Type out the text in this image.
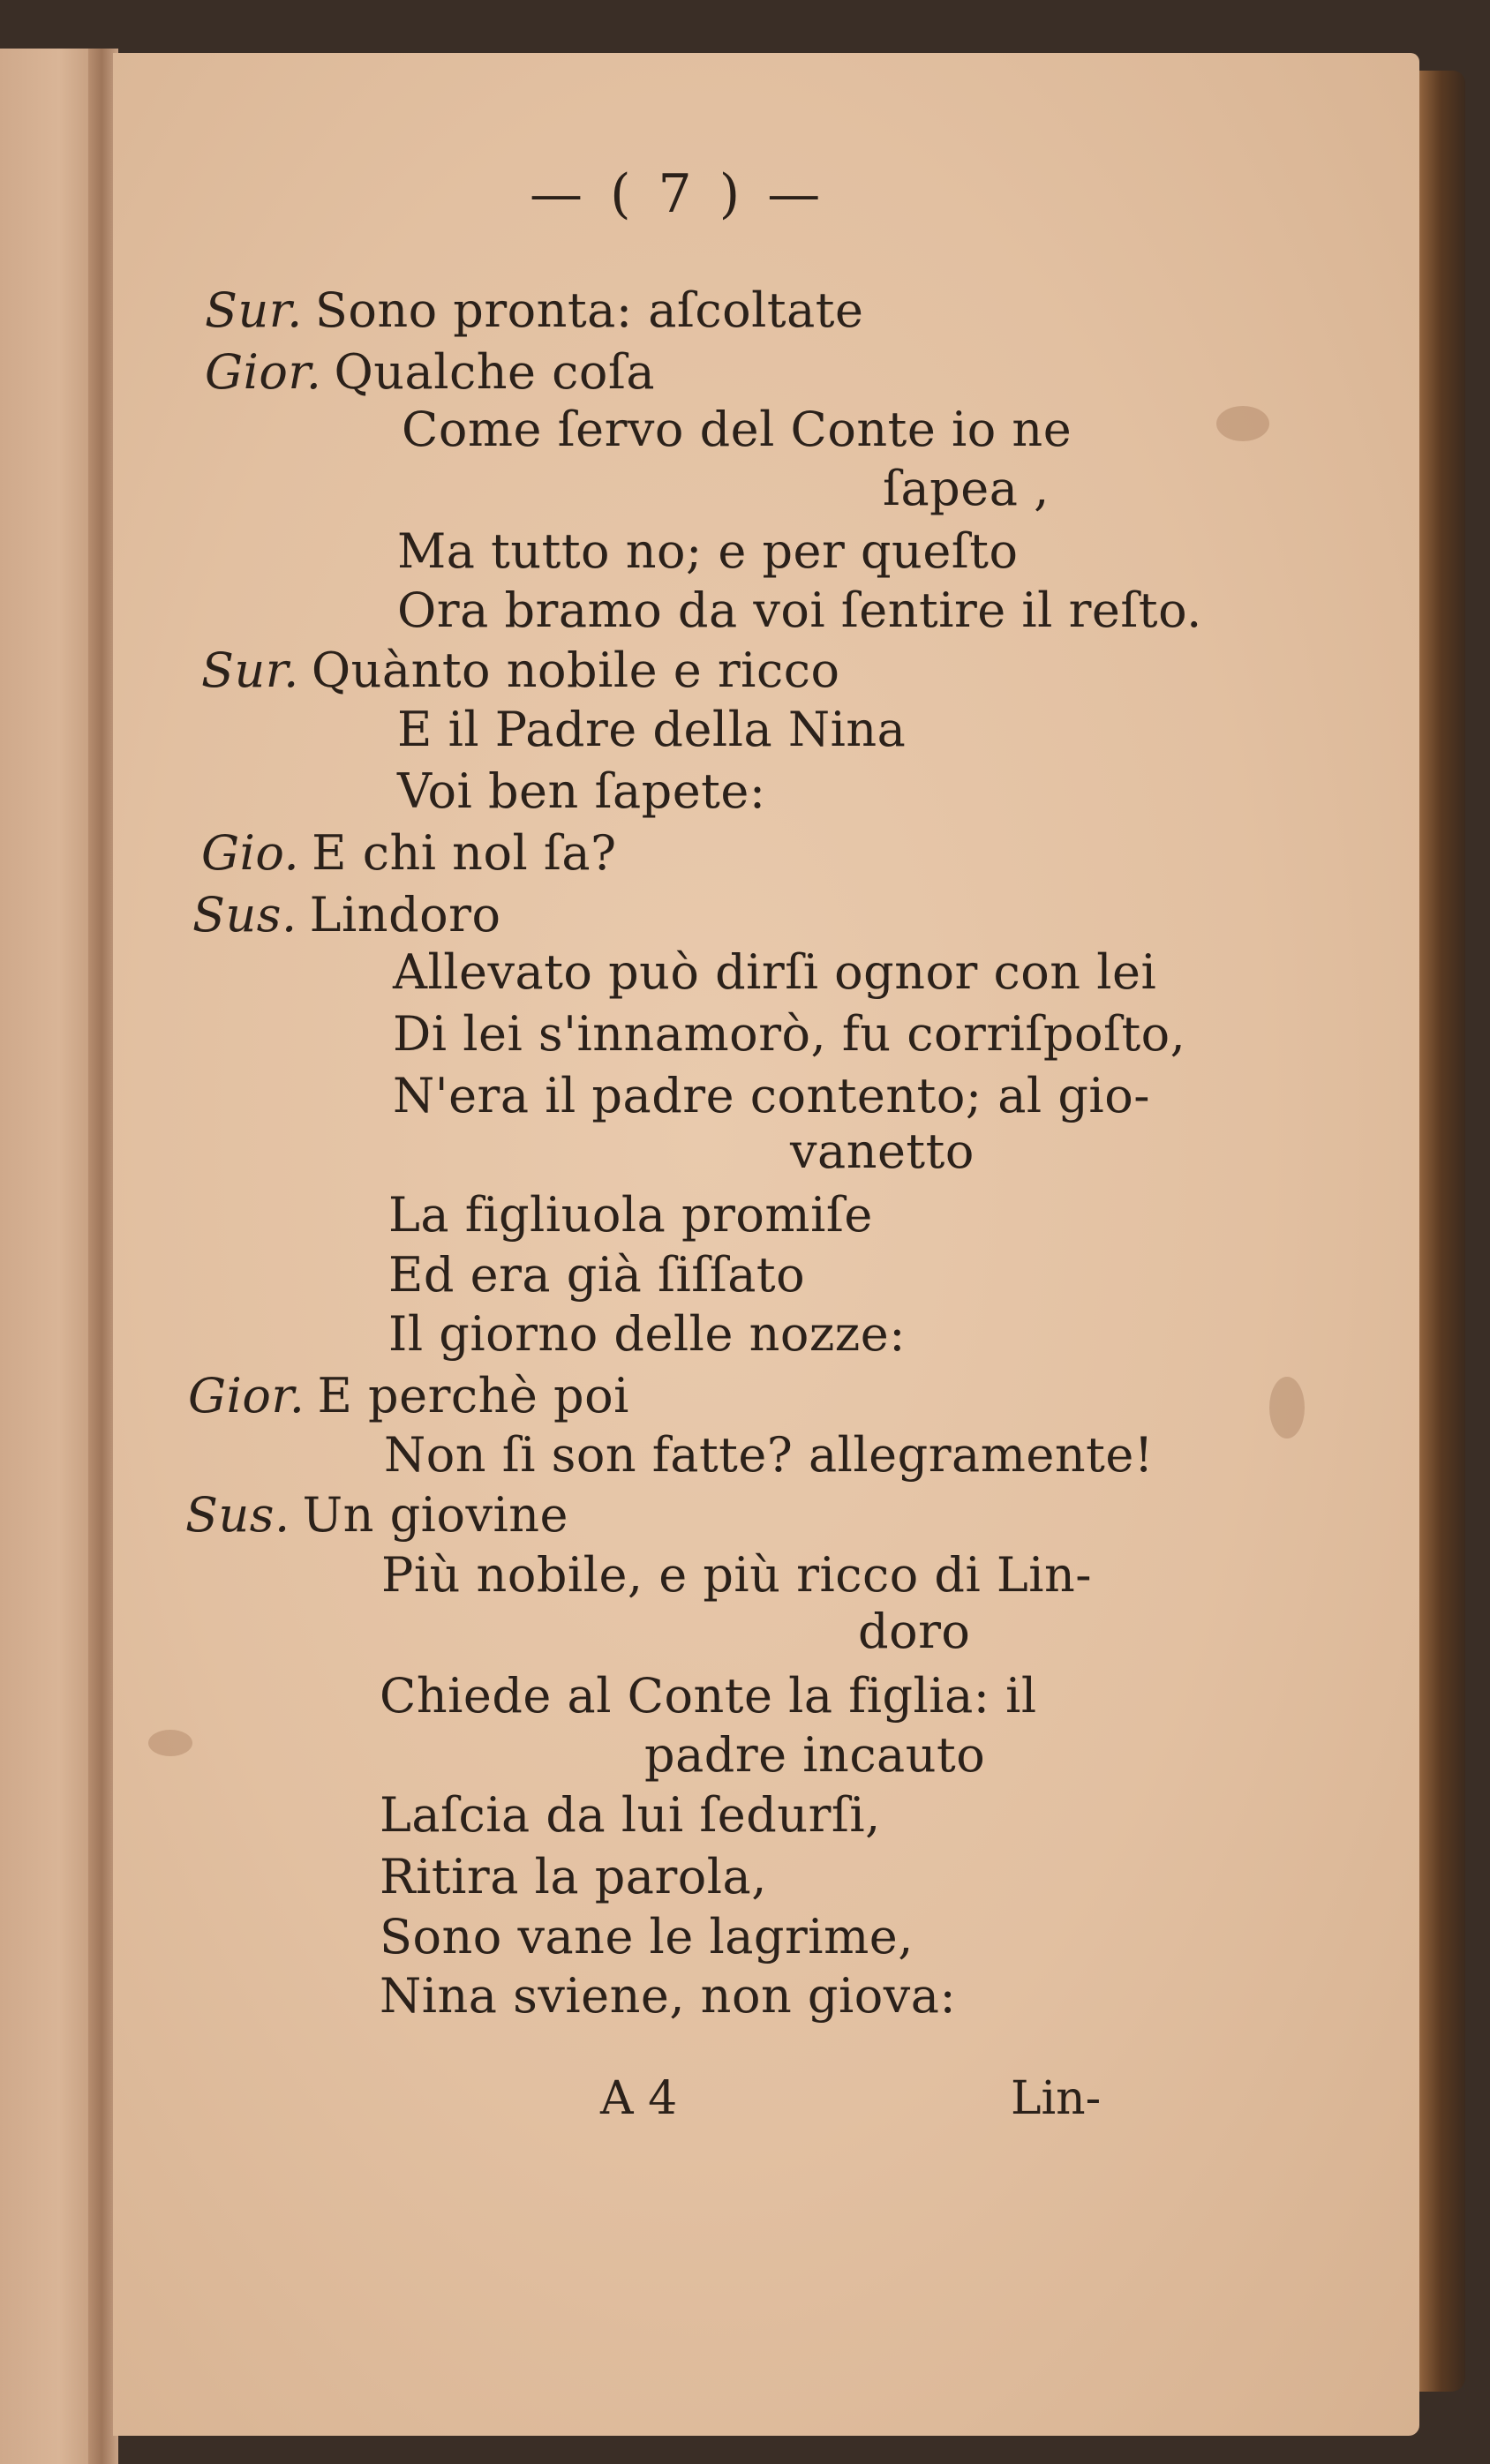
— ( 7 ) —
Sur. Sono pronta: aſcoltate
Gior. Qualche coſa
Come ſervo del Conte io ne
ſapea ,
Ma tutto no; e per queſto
Ora bramo da voi ſentire il reſto.
Sur. Quànto nobile e ricco
E il Padre della Nina
Voi ben ſapete:
Gio. E chi nol ſa?
Sus. Lindoro
Allevato può dirſi ognor con lei
Di lei s'innamorò, fu corriſpoſto,
N'era il padre contento; al gio-
vanetto
La figliuola promiſe
Ed era già ſiſſato
Il giorno delle nozze:
Gior. E perchè poi
Non ſi son fatte? allegramente!
Sus. Un giovine
Più nobile, e più ricco di Lin-
doro
Chiede al Conte la figlia: il
padre incauto
Laſcia da lui ſedurſi,
Ritira la parola,
Sono vane le lagrime,
Nina sviene, non giova:
A 4	Lin-
